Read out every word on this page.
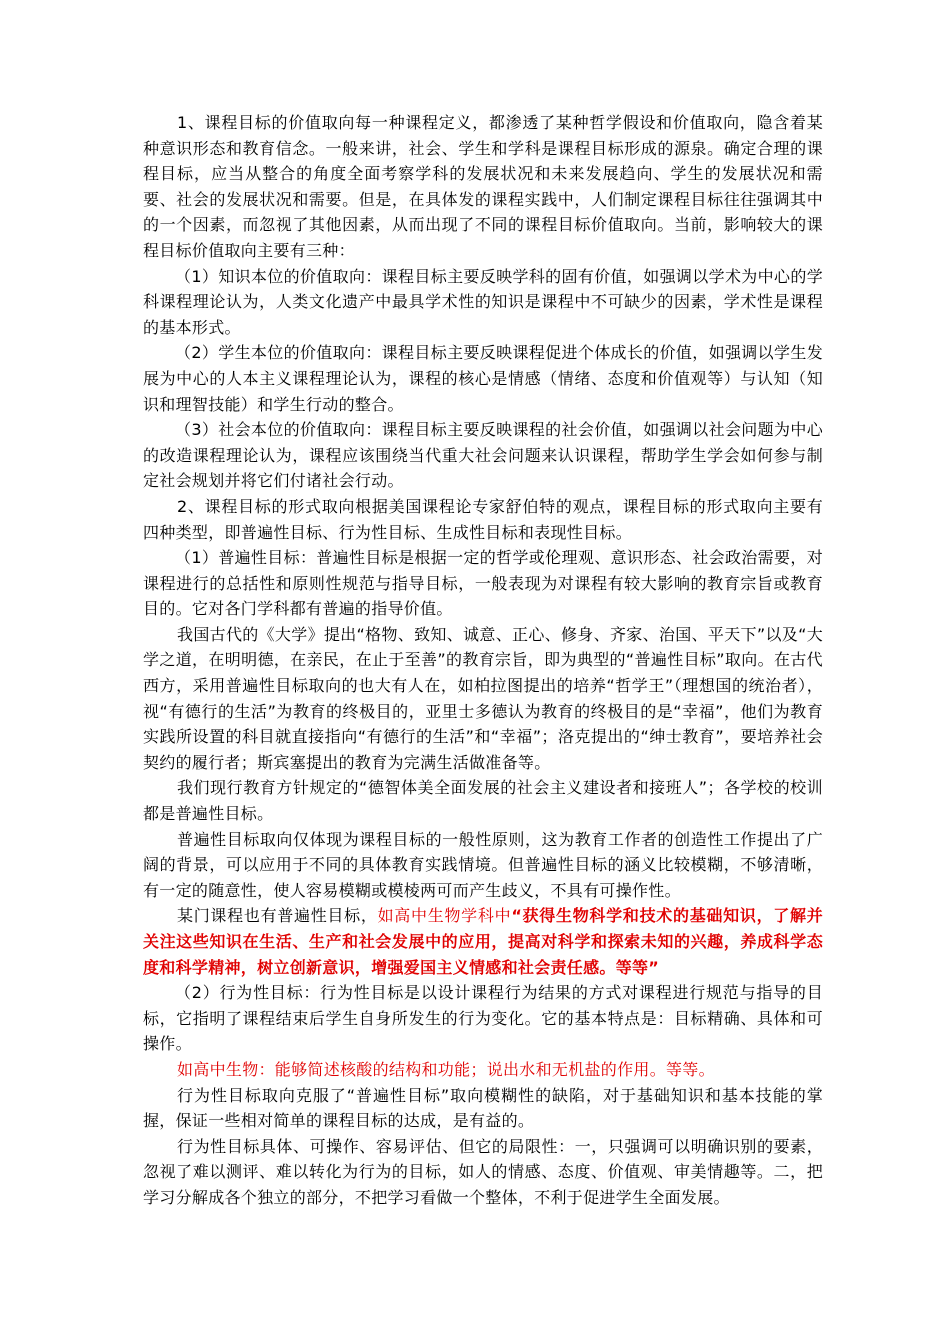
1、课程目标的价值取向每一种课程定义，都渗透了某种哲学假设和价值取向，隐含着某种意识形态和教育信念。一般来讲，社会、学生和学科是课程目标形成的源泉。确定合理的课程目标，应当从整合的角度全面考察学科的发展状况和未来发展趋向、学生的发展状况和需要、社会的发展状况和需要。但是，在具体发的课程实践中，人们制定课程目标往往强调其中的一个因素，而忽视了其他因素，从而出现了不同的课程目标价值取向。当前，影响较大的课程目标价值取向主要有三种：

（1）知识本位的价值取向：课程目标主要反映学科的固有价值，如强调以学术为中心的学科课程理论认为，人类文化遗产中最具学术性的知识是课程中不可缺少的因素，学术性是课程的基本形式。

（2）学生本位的价值取向：课程目标主要反映课程促进个体成长的价值，如强调以学生发展为中心的人本主义课程理论认为，课程的核心是情感（情绪、态度和价值观等）与认知（知识和理智技能）和学生行动的整合。

（3）社会本位的价值取向：课程目标主要反映课程的社会价值，如强调以社会问题为中心的改造课程理论认为，课程应该围绕当代重大社会问题来认识课程，帮助学生学会如何参与制定社会规划并将它们付诸社会行动。

2、课程目标的形式取向根据美国课程论专家舒伯特的观点，课程目标的形式取向主要有四种类型，即普遍性目标、行为性目标、生成性目标和表现性目标。

（1）普遍性目标：普遍性目标是根据一定的哲学或伦理观、意识形态、社会政治需要，对课程进行的总括性和原则性规范与指导目标，一般表现为对课程有较大影响的教育宗旨或教育目的。它对各门学科都有普遍的指导价值。

我国古代的《大学》提出“格物、致知、诚意、正心、修身、齐家、治国、平天下”以及“大学之道，在明明德，在亲民，在止于至善”的教育宗旨，即为典型的“普遍性目标”取向。在古代西方，采用普遍性目标取向的也大有人在，如柏拉图提出的培养“哲学王”（理想国的统治者），视“有德行的生活”为教育的终极目的，亚里士多德认为教育的终极目的是“幸福”，他们为教育实践所设置的科目就直接指向“有德行的生活”和“幸福”；洛克提出的“绅士教育”，要培养社会契约的履行者；斯宾塞提出的教育为完满生活做准备等。

我们现行教育方针规定的“德智体美全面发展的社会主义建设者和接班人”；各学校的校训都是普遍性目标。

普遍性目标取向仅体现为课程目标的一般性原则，这为教育工作者的创造性工作提出了广阔的背景，可以应用于不同的具体教育实践情境。但普遍性目标的涵义比较模糊，不够清晰，有一定的随意性，使人容易模糊或模棱两可而产生歧义，不具有可操作性。

某门课程也有普遍性目标，如高中生物学科中“获得生物科学和技术的基础知识，了解并关注这些知识在生活、生产和社会发展中的应用，提高对科学和探索未知的兴趣，养成科学态度和科学精神，树立创新意识，增强爱国主义情感和社会责任感。等等”

（2）行为性目标：行为性目标是以设计课程行为结果的方式对课程进行规范与指导的目标，它指明了课程结束后学生自身所发生的行为变化。它的基本特点是：目标精确、具体和可操作。

如高中生物：能够简述核酸的结构和功能；说出水和无机盐的作用。等等。

行为性目标取向克服了“普遍性目标”取向模糊性的缺陷，对于基础知识和基本技能的掌握，保证一些相对简单的课程目标的达成，是有益的。

行为性目标具体、可操作、容易评估、但它的局限性：一，只强调可以明确识别的要素，忽视了难以测评、难以转化为行为的目标，如人的情感、态度、价值观、审美情趣等。二，把学习分解成各个独立的部分，不把学习看做一个整体，不利于促进学生全面发展。
